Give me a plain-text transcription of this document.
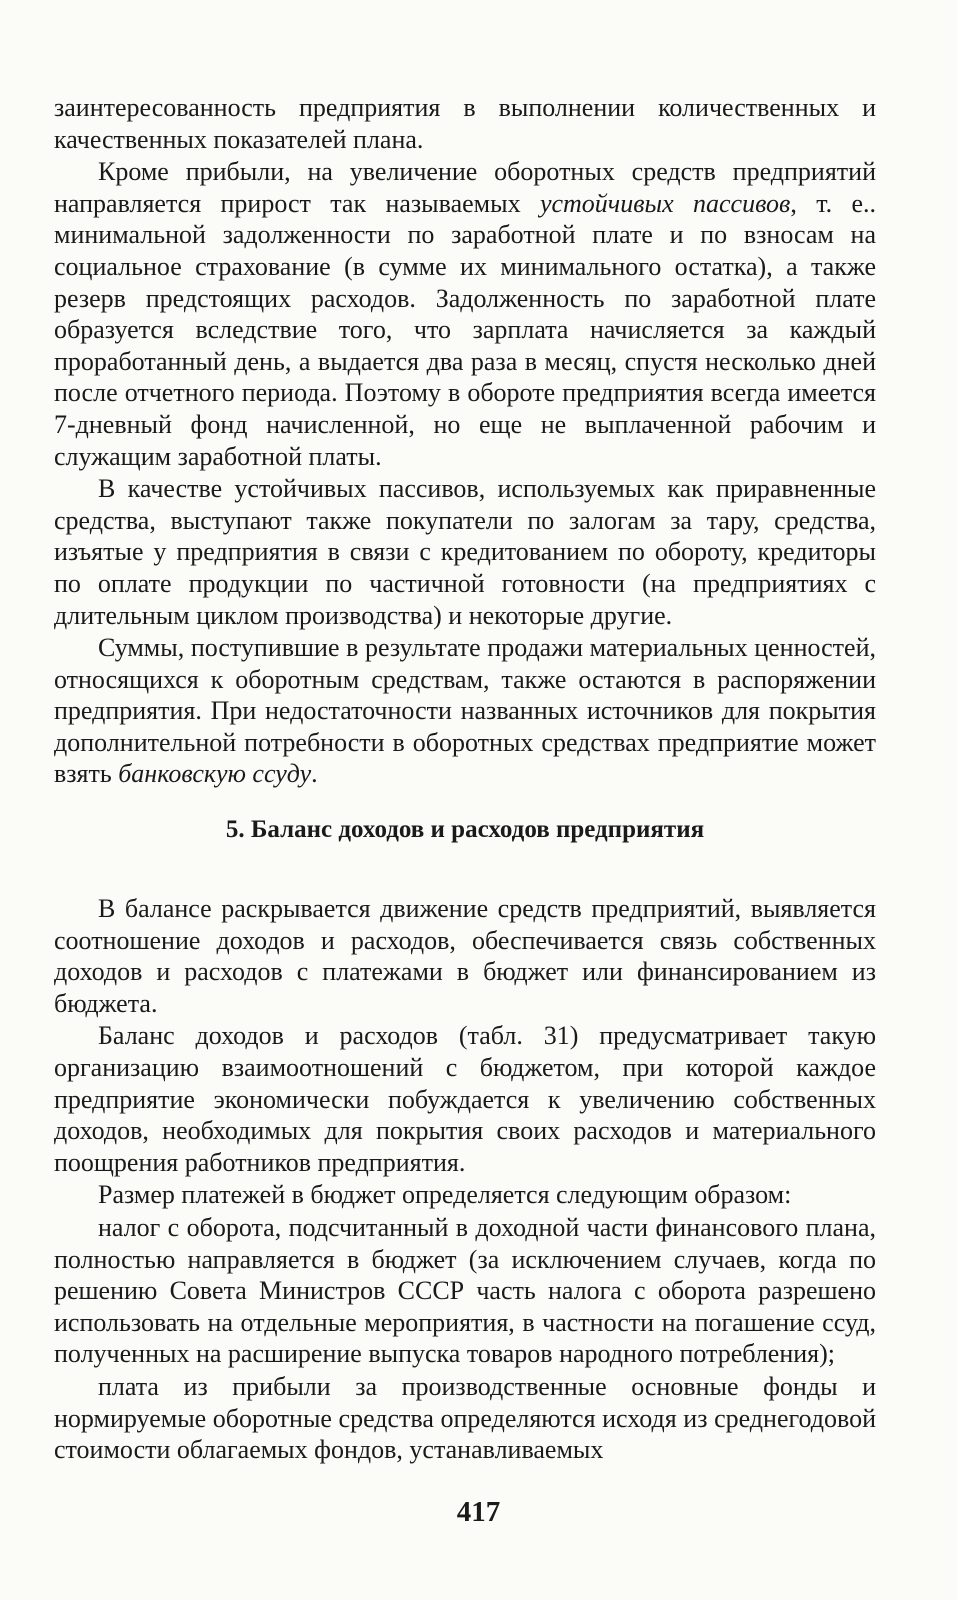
заинтересованность предприятия в выполнении количественных и качественных показателей плана.

Кроме прибыли, на увеличение оборотных средств предприятий направляется прирост так называемых устойчивых пассивов, т. е.. минимальной задолженности по заработной плате и по взносам на социальное страхование (в сумме их минимального остатка), а также резерв предстоящих расходов. Задолженность по заработной плате образуется вследствие того, что зарплата начисляется за каждый проработанный день, а выдается два раза в месяц, спустя несколько дней после отчетного периода. Поэтому в обороте предприятия всегда имеется 7-дневный фонд начисленной, но еще не выплаченной рабочим и служащим заработной платы.

В качестве устойчивых пассивов, используемых как приравненные средства, выступают также покупатели по залогам за тару, средства, изъятые у предприятия в связи с кредитованием по обороту, кредиторы по оплате продукции по частичной готовности (на предприятиях с длительным циклом производства) и некоторые другие.

Суммы, поступившие в результате продажи материальных ценностей, относящихся к оборотным средствам, также остаются в распоряжении предприятия. При недостаточности названных источников для покрытия дополнительной потребности в оборотных средствах предприятие может взять банковскую ссуду.

5. Баланс доходов и расходов предприятия

В балансе раскрывается движение средств предприятий, выявляется соотношение доходов и расходов, обеспечивается связь собственных доходов и расходов с платежами в бюджет или финансированием из бюджета.

Баланс доходов и расходов (табл. 31) предусматривает такую организацию взаимоотношений с бюджетом, при которой каждое предприятие экономически побуждается к увеличению собственных доходов, необходимых для покрытия своих расходов и материального поощрения работников предприятия.

Размер платежей в бюджет определяется следующим образом:

налог с оборота, подсчитанный в доходной части финансового плана, полностью направляется в бюджет (за исключением случаев, когда по решению Совета Министров СССР часть налога с оборота разрешено использовать на отдельные мероприятия, в частности на погашение ссуд, полученных на расширение выпуска товаров народного потребления);

плата из прибыли за производственные основные фонды и нормируемые оборотные средства определяются исходя из среднегодовой стоимости облагаемых фондов, устанавливаемых

417
